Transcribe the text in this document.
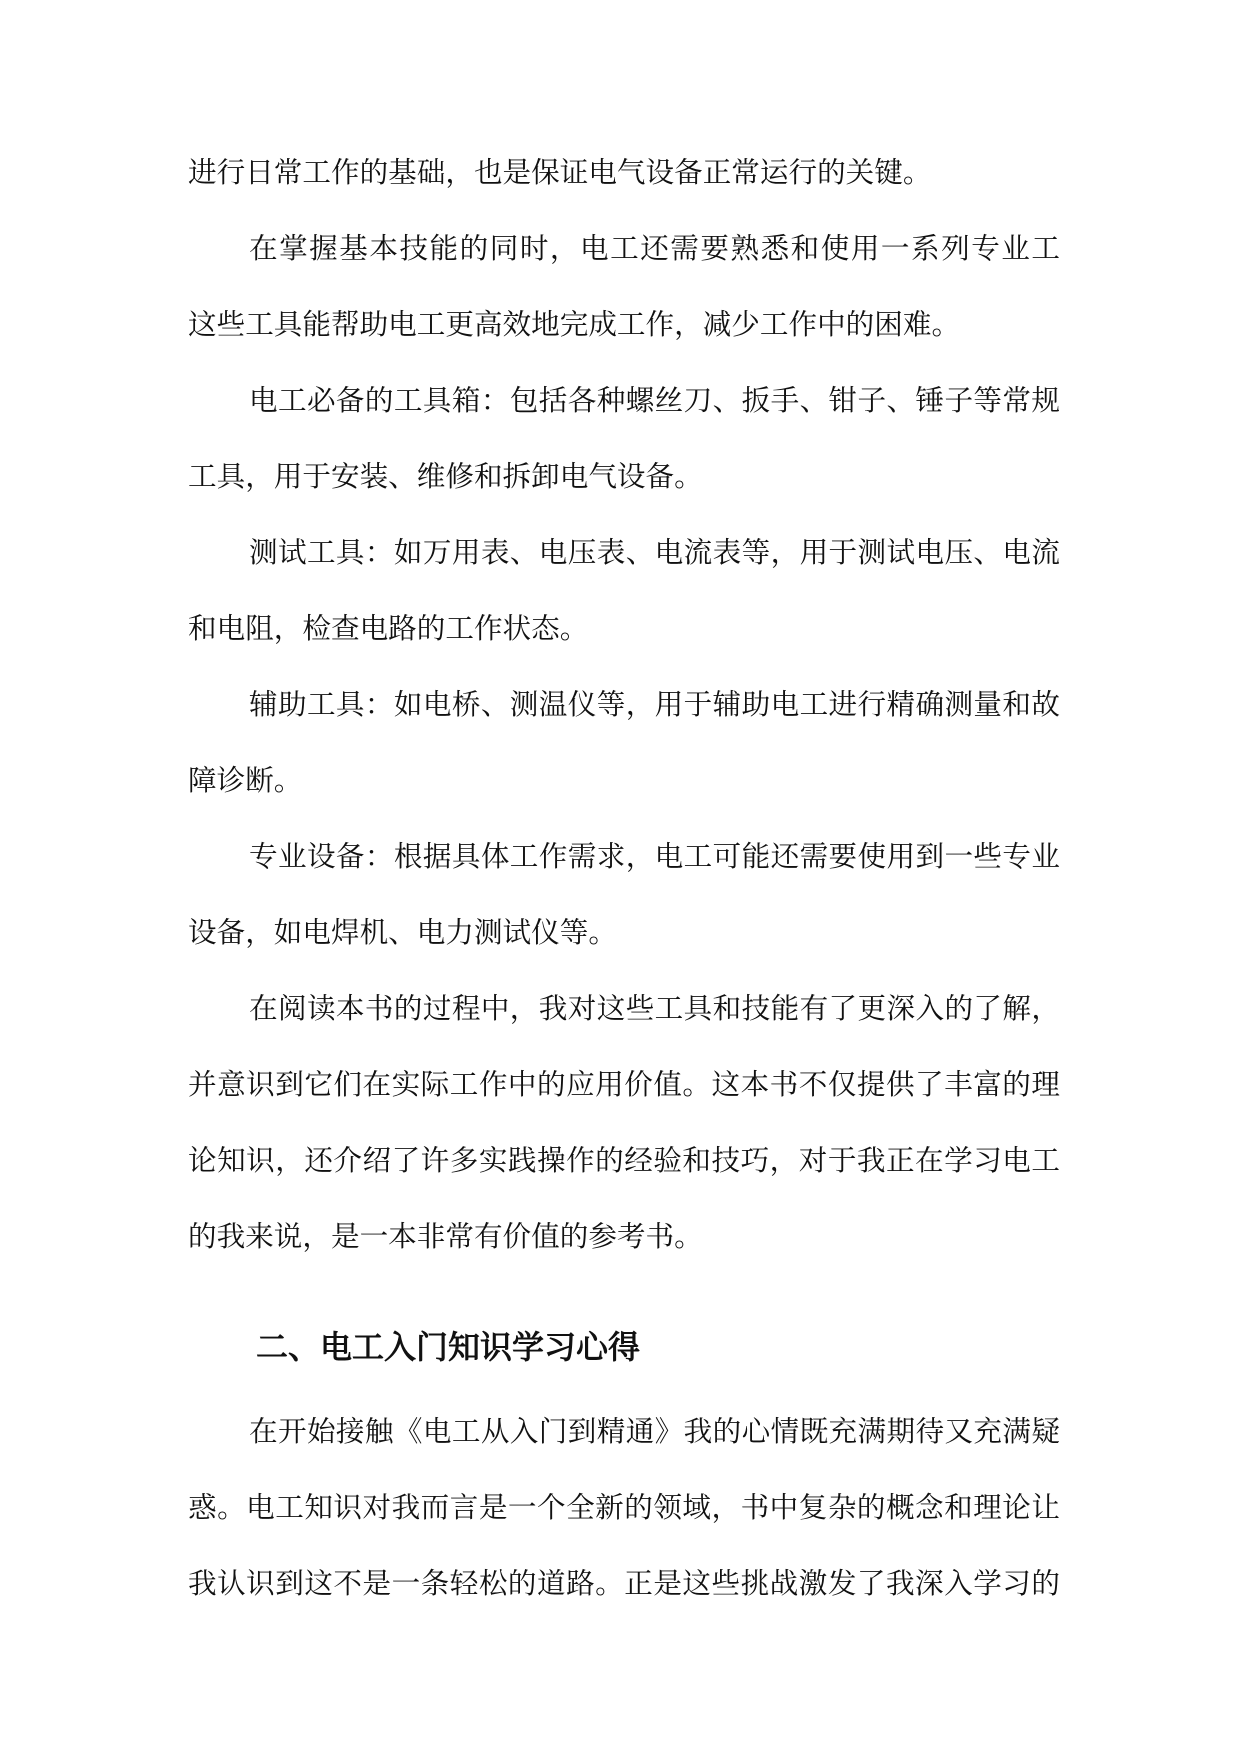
进行日常工作的基础，也是保证电气设备正常运行的关键。
在掌握基本技能的同时，电工还需要熟悉和使用一系列专业工
这些工具能帮助电工更高效地完成工作，减少工作中的困难。
电工必备的工具箱：包括各种螺丝刀、扳手、钳子、锤子等常规
工具，用于安装、维修和拆卸电气设备。
测试工具：如万用表、电压表、电流表等，用于测试电压、电流
和电阻，检查电路的工作状态。
辅助工具：如电桥、测温仪等，用于辅助电工进行精确测量和故
障诊断。
专业设备：根据具体工作需求，电工可能还需要使用到一些专业
设备，如电焊机、电力测试仪等。
在阅读本书的过程中，我对这些工具和技能有了更深入的了解，
并意识到它们在实际工作中的应用价值。这本书不仅提供了丰富的理
论知识，还介绍了许多实践操作的经验和技巧，对于我正在学习电工
的我来说，是一本非常有价值的参考书。
二、电工入门知识学习心得
在开始接触《电工从入门到精通》我的心情既充满期待又充满疑
惑。电工知识对我而言是一个全新的领域，书中复杂的概念和理论让
我认识到这不是一条轻松的道路。正是这些挑战激发了我深入学习的
